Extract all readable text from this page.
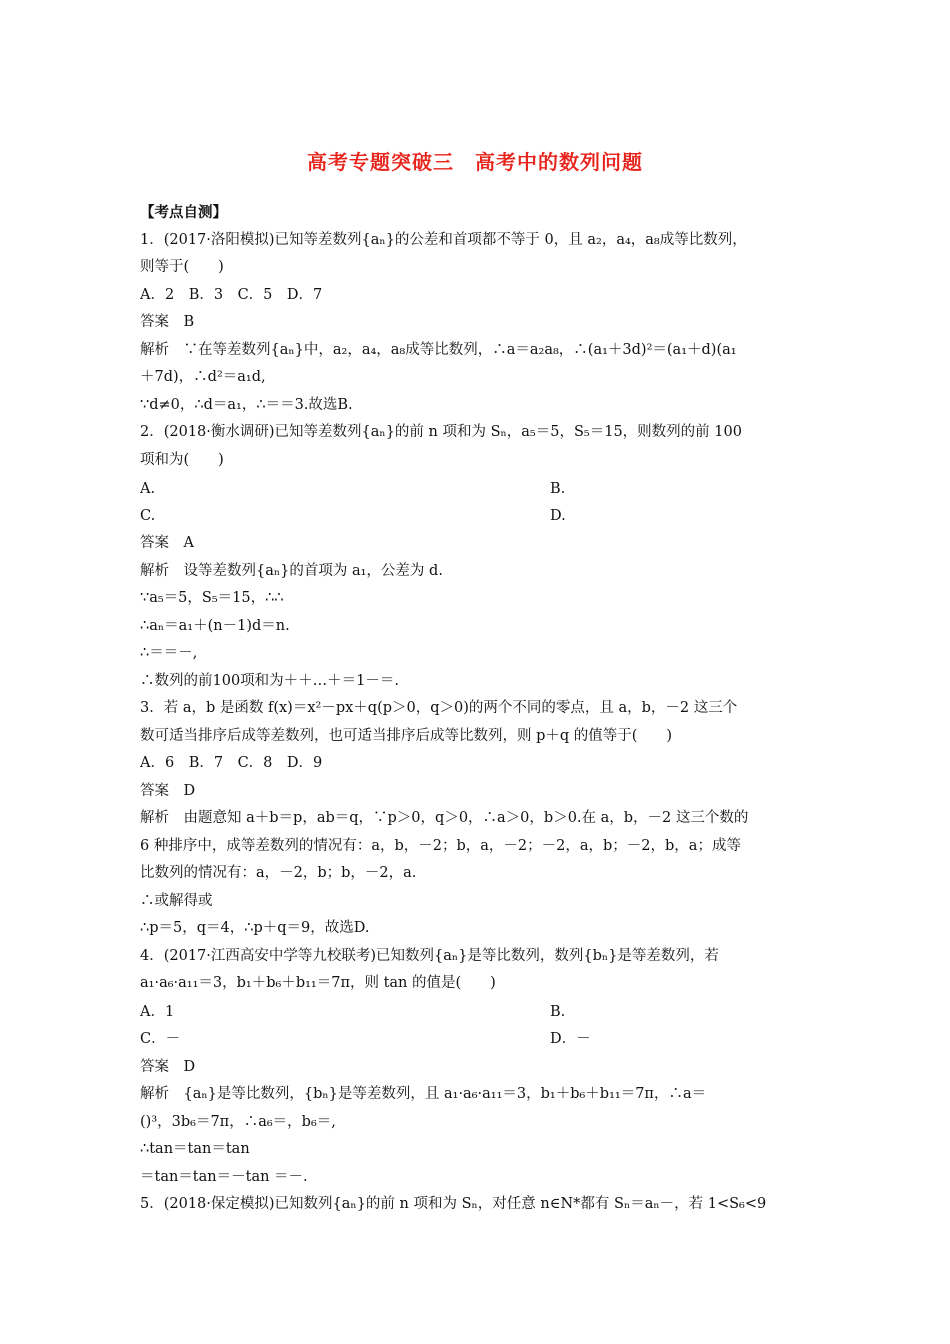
高考专题突破三　高考中的数列问题
【考点自测】
1．(2017·洛阳模拟)已知等差数列{aₙ}的公差和首项都不等于 0，且 a₂，a₄，a₈成等比数列，
则等于(　　)
A．2　B．3　C．5　D．7
答案　B
解析　∵在等差数列{aₙ}中，a₂，a₄，a₈成等比数列，∴a＝a₂a₈，∴(a₁＋3d)²＝(a₁＋d)(a₁
＋7d)，∴d²＝a₁d,
∵d≠0，∴d＝a₁，∴＝＝3.故选B.
2．(2018·衡水调研)已知等差数列{aₙ}的前 n 项和为 Sₙ，a₅＝5，S₅＝15，则数列的前 100
项和为(　　)
A.	B.
C.	D.
答案　A
解析　设等差数列{aₙ}的首项为 a₁，公差为 d.
∵a₅＝5，S₅＝15，∴∴
∴aₙ＝a₁＋(n－1)d＝n.
∴＝＝－,
∴数列的前100项和为＋＋…＋＝1－＝.
3．若 a，b 是函数 f(x)＝x²－px＋q(p＞0，q＞0)的两个不同的零点，且 a，b，－2 这三个
数可适当排序后成等差数列，也可适当排序后成等比数列，则 p＋q 的值等于(　　)
A．6　B．7　C．8　D．9
答案　D
解析　由题意知 a＋b＝p，ab＝q，∵p＞0，q＞0，∴a＞0，b＞0.在 a，b，－2 这三个数的
6 种排序中，成等差数列的情况有：a，b，－2；b，a，－2；－2，a，b；－2，b，a；成等
比数列的情况有：a，－2，b；b，－2，a.
∴或解得或
∴p＝5，q＝4，∴p＋q＝9，故选D.
4．(2017·江西高安中学等九校联考)已知数列{aₙ}是等比数列，数列{bₙ}是等差数列，若
a₁·a₆·a₁₁＝3，b₁＋b₆＋b₁₁＝7π，则 tan 的值是(　　)
A．1	B.
C．－	D．－
答案　D
解析　{aₙ}是等比数列，{bₙ}是等差数列，且 a₁·a₆·a₁₁＝3，b₁＋b₆＋b₁₁＝7π，∴a＝
()³，3b₆＝7π，∴a₆＝，b₆＝,
∴tan＝tan＝tan
＝tan＝tan＝－tan ＝－.
5．(2018·保定模拟)已知数列{aₙ}的前 n 项和为 Sₙ，对任意 n∈N*都有 Sₙ＝aₙ－，若 1<S₆<9
